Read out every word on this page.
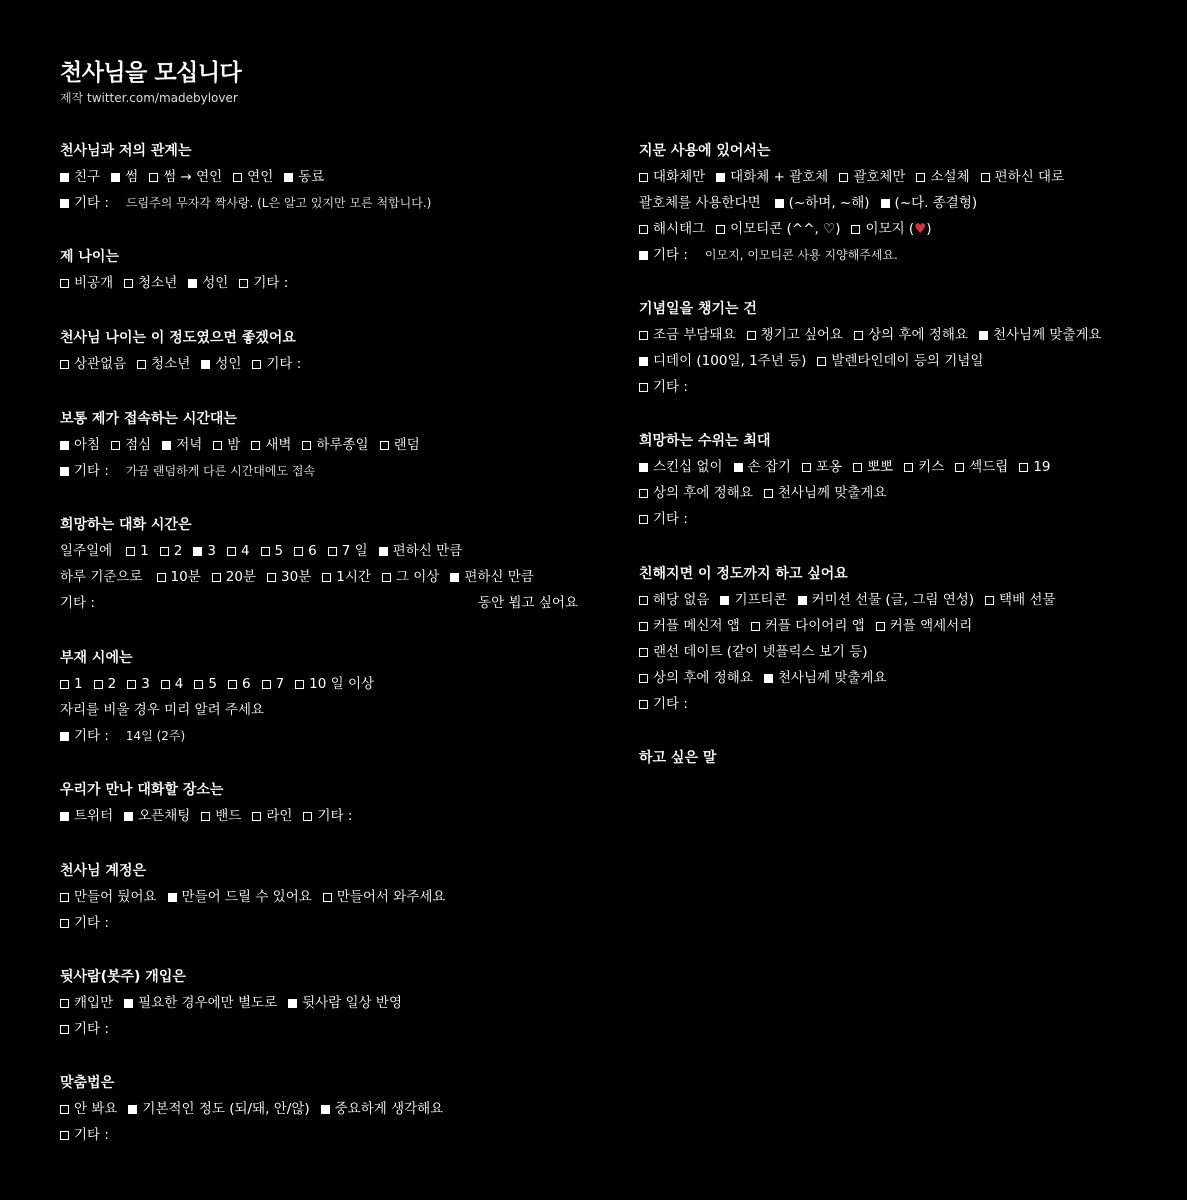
천사님을 모십니다
제작 twitter.com/madebylover
천사님과 저의 관계는
친구 썸 썸 → 연인 연인 동료
기타 : 드림주의 무자각 짝사랑. (L은 알고 있지만 모른 척합니다.)
제 나이는
비공개 청소년 성인 기타 :
천사님 나이는 이 정도였으면 좋겠어요
상관없음 청소년 성인 기타 :
보통 제가 접속하는 시간대는
아침 점심 저녁 밤 새벽 하루종일 랜덤
기타 : 가끔 랜덤하게 다른 시간대에도 접속
희망하는 대화 시간은
일주일에 1 2 3 4 5 6 7 일 편하신 만큼
하루 기준으로 10분 20분 30분 1시간 그 이상 편하신 만큼
기타 :	동안 뵙고 싶어요
부재 시에는
1 2 3 4 5 6 7 10 일 이상
자리를 비울 경우 미리 알려 주세요
기타 : 14일 (2주)
우리가 만나 대화할 장소는
트위터 오픈채팅 밴드 라인 기타 :
천사님 계정은
만들어 뒀어요 만들어 드릴 수 있어요 만들어서 와주세요
기타 :
뒷사람(봇주) 개입은
캐입만 필요한 경우에만 별도로 뒷사람 일상 반영
기타 :
맞춤법은
안 봐요 기본적인 정도 (되/돼, 안/않) 중요하게 생각해요
기타 :
지문 사용에 있어서는
대화체만 대화체 + 괄호체 괄호체만 소설체 편하신 대로
괄호체를 사용한다면 (~하며, ~해) (~다. 종결형)
해시태그 이모티콘 (^^, ♡) 이모지 (♥)
기타 : 이모지, 이모티콘 사용 지양해주세요.
기념일을 챙기는 건
조금 부담돼요 챙기고 싶어요 상의 후에 정해요 천사님께 맞출게요
디데이 (100일, 1주년 등) 발렌타인데이 등의 기념일
기타 :
희망하는 수위는 최대
스킨십 없이 손 잡기 포옹 뽀뽀 키스 섹드립 19
상의 후에 정해요 천사님께 맞출게요
기타 :
친해지면 이 정도까지 하고 싶어요
해당 없음 기프티콘 커미션 선물 (글, 그림 연성) 택배 선물
커플 메신저 앱 커플 다이어리 앱 커플 액세서리
랜선 데이트 (같이 넷플릭스 보기 등)
상의 후에 정해요 천사님께 맞출게요
기타 :
하고 싶은 말
